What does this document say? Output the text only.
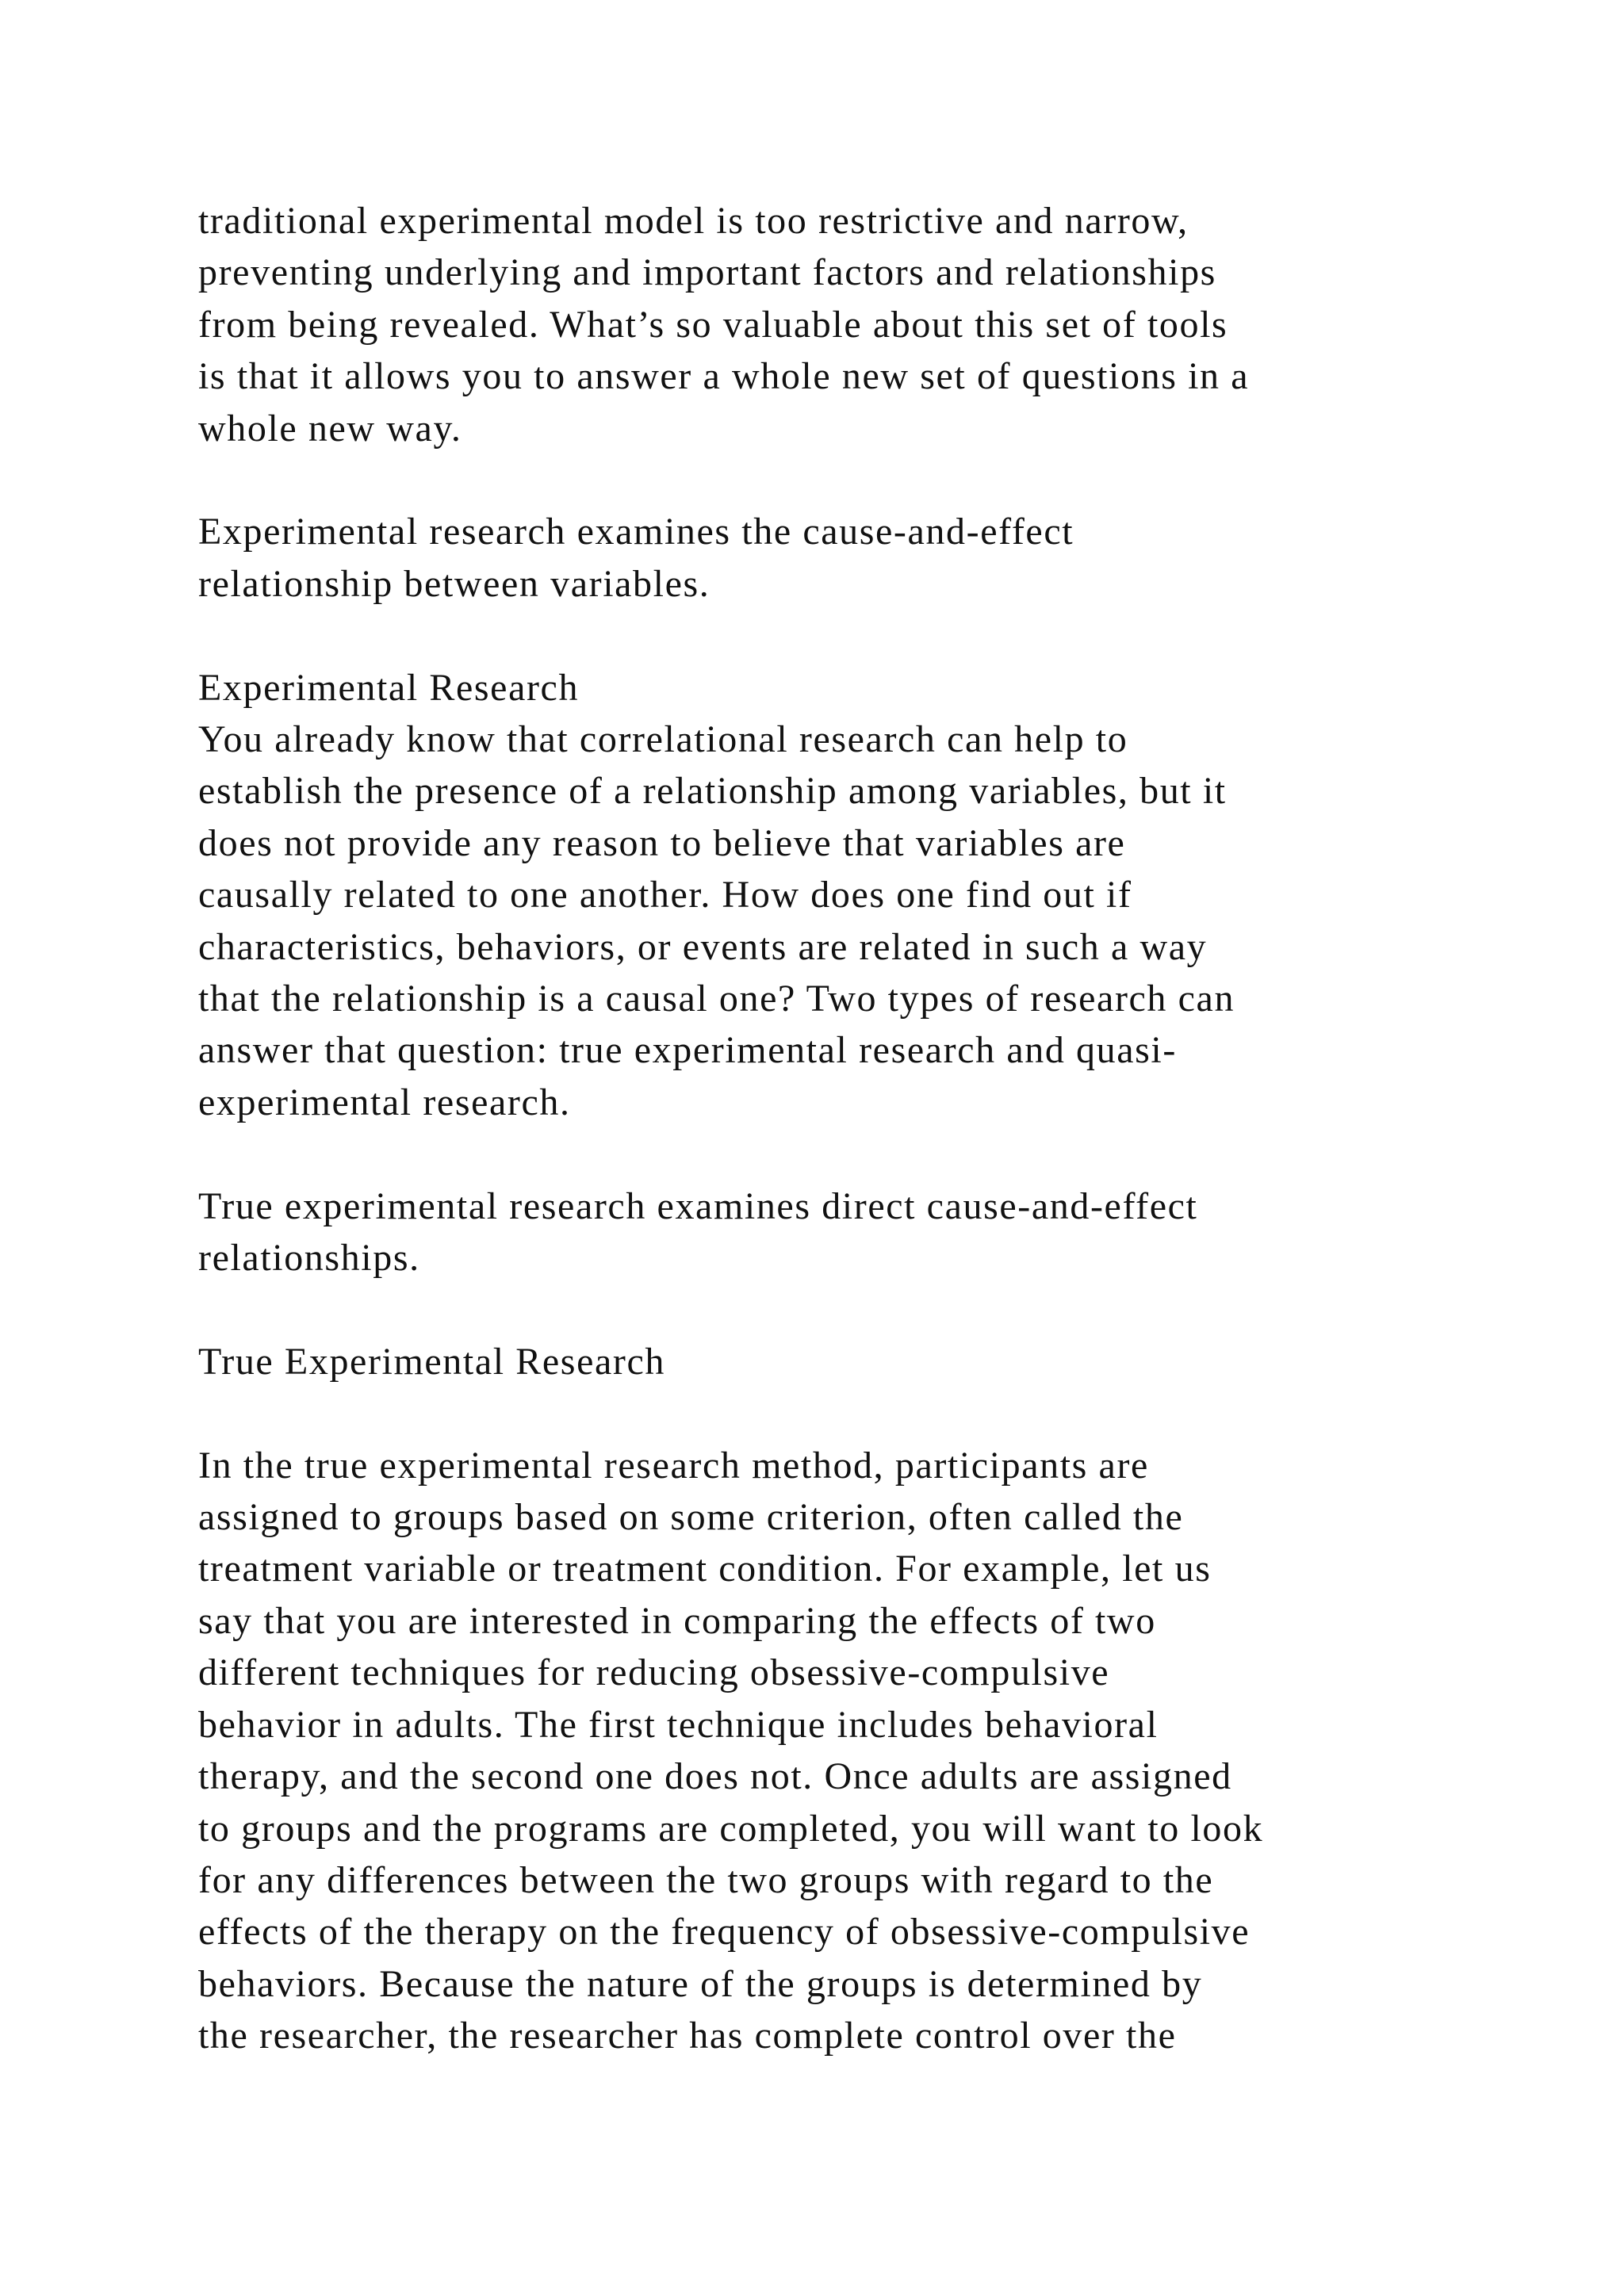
traditional experimental model is too restrictive and narrow,
preventing underlying and important factors and relationships
from being revealed. What’s so valuable about this set of tools
is that it allows you to answer a whole new set of questions in a
whole new way.

Experimental research examines the cause-and-effect
relationship between variables.

Experimental Research
You already know that correlational research can help to
establish the presence of a relationship among variables, but it
does not provide any reason to believe that variables are
causally related to one another. How does one find out if
characteristics, behaviors, or events are related in such a way
that the relationship is a causal one? Two types of research can
answer that question: true experimental research and quasi-
experimental research.

True experimental research examines direct cause-and-effect
relationships.

True Experimental Research

In the true experimental research method, participants are
assigned to groups based on some criterion, often called the
treatment variable or treatment condition. For example, let us
say that you are interested in comparing the effects of two
different techniques for reducing obsessive-compulsive
behavior in adults. The first technique includes behavioral
therapy, and the second one does not. Once adults are assigned
to groups and the programs are completed, you will want to look
for any differences between the two groups with regard to the
effects of the therapy on the frequency of obsessive-compulsive
behaviors. Because the nature of the groups is determined by
the researcher, the researcher has complete control over the
